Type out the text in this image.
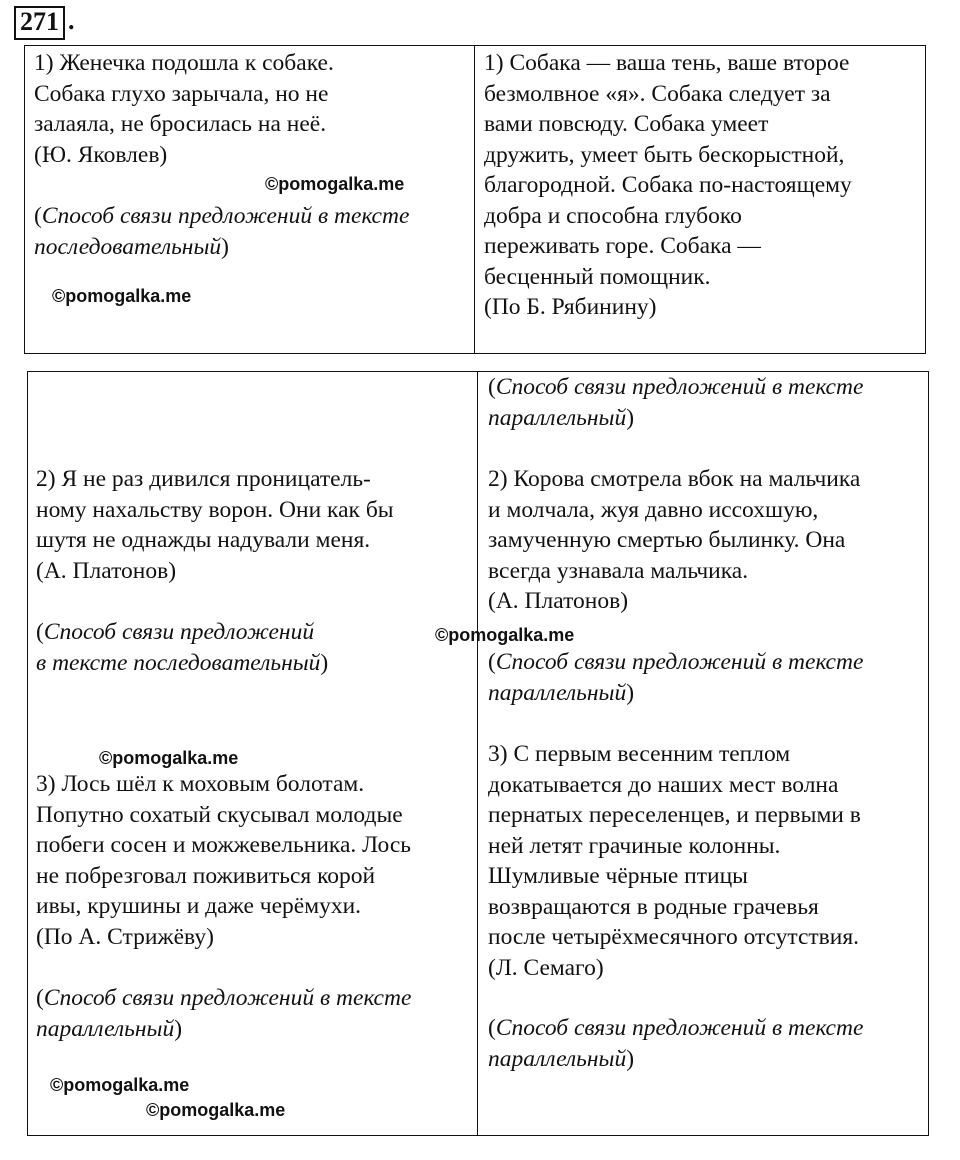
271 .
1) Женечка подошла к собаке.
Собака глухо зарычала, но не
залаяла, не бросилась на неё.
(Ю. Яковлев)
(Способ связи предложений в тексте
последовательный)
1) Собака — ваша тень, ваше второе
безмолвное «я». Собака следует за
вами повсюду. Собака умеет
дружить, умеет быть бескорыстной,
благородной. Собака по-настоящему
добра и способна глубоко
переживать горе. Собака —
бесценный помощник.
(По Б. Рябинину)
(Способ связи предложений в тексте
параллельный)
2) Я не раз дивился проницатель-
ному нахальству ворон. Они как бы
шутя не однажды надували меня.
(А. Платонов)
(Способ связи предложений
в тексте последовательный)
2) Корова смотрела вбок на мальчика
и молчала, жуя давно иссохшую,
замученную смертью былинку. Она
всегда узнавала мальчика.
(А. Платонов)
(Способ связи предложений в тексте
параллельный)
3) Лось шёл к моховым болотам.
Попутно сохатый скусывал молодые
побеги сосен и можжевельника. Лось
не побрезговал поживиться корой
ивы, крушины и даже черёмухи.
(По А. Стрижёву)
(Способ связи предложений в тексте
параллельный)
3) С первым весенним теплом
докатывается до наших мест волна
пернатых переселенцев, и первыми в
ней летят грачиные колонны.
Шумливые чёрные птицы
возвращаются в родные грачевья
после четырёхмесячного отсутствия.
(Л. Семаго)
(Способ связи предложений в тексте
параллельный)
©pomogalka.me
©pomogalka.me
©pomogalka.me
©pomogalka.me
©pomogalka.me
©pomogalka.me
